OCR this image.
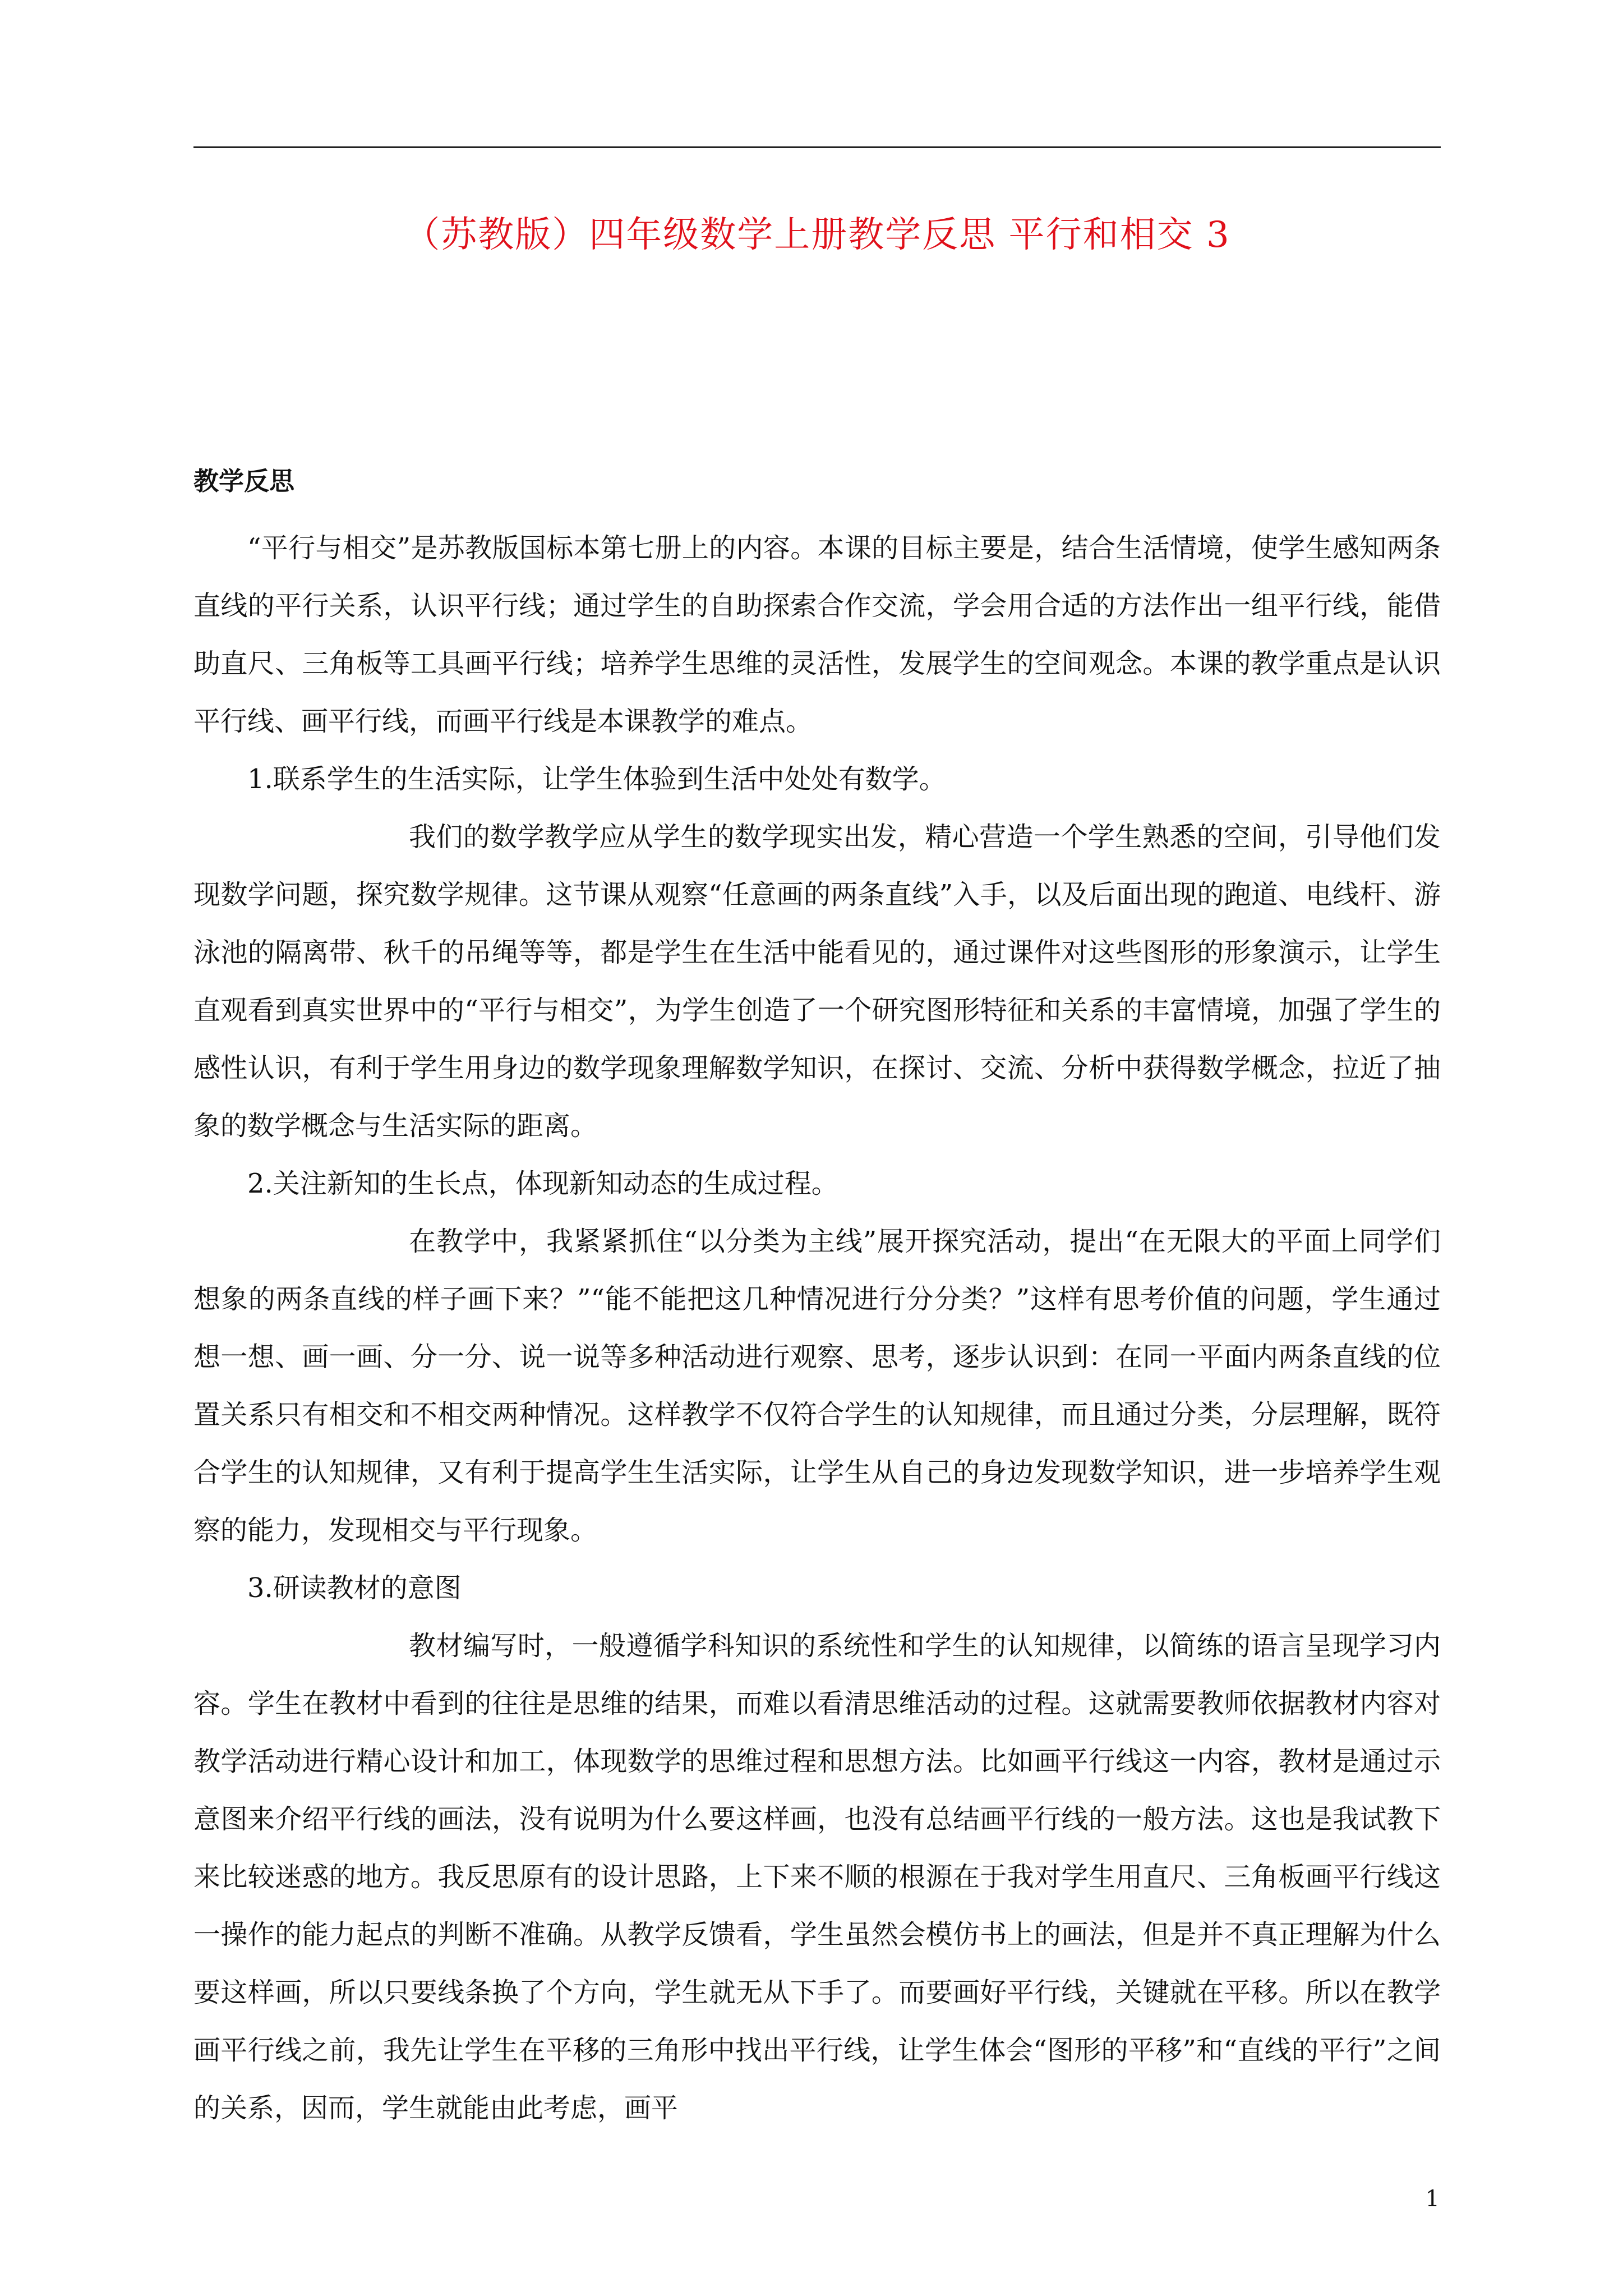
（苏教版）四年级数学上册教学反思 平行和相交 3
教学反思

“平行与相交”是苏教版国标本第七册上的内容。本课的目标主要是，结合生活情境，使学生感知两条直线的平行关系，认识平行线；通过学生的自助探索合作交流，学会用合适的方法作出一组平行线，能借助直尺、三角板等工具画平行线；培养学生思维的灵活性，发展学生的空间观念。本课的教学重点是认识平行线、画平行线，而画平行线是本课教学的难点。

1.联系学生的生活实际，让学生体验到生活中处处有数学。

我们的数学教学应从学生的数学现实出发，精心营造一个学生熟悉的空间，引导他们发现数学问题，探究数学规律。这节课从观察“任意画的两条直线”入手，以及后面出现的跑道、电线杆、游泳池的隔离带、秋千的吊绳等等，都是学生在生活中能看见的，通过课件对这些图形的形象演示，让学生直观看到真实世界中的“平行与相交”，为学生创造了一个研究图形特征和关系的丰富情境，加强了学生的感性认识，有利于学生用身边的数学现象理解数学知识，在探讨、交流、分析中获得数学概念，拉近了抽象的数学概念与生活实际的距离。

2.关注新知的生长点，体现新知动态的生成过程。

在教学中，我紧紧抓住“以分类为主线”展开探究活动，提出“在无限大的平面上同学们想象的两条直线的样子画下来？”“能不能把这几种情况进行分分类？”这样有思考价值的问题，学生通过想一想、画一画、分一分、说一说等多种活动进行观察、思考，逐步认识到：在同一平面内两条直线的位置关系只有相交和不相交两种情况。这样教学不仅符合学生的认知规律，而且通过分类，分层理解，既符合学生的认知规律，又有利于提高学生生活实际，让学生从自己的身边发现数学知识，进一步培养学生观察的能力，发现相交与平行现象。

3.研读教材的意图

教材编写时，一般遵循学科知识的系统性和学生的认知规律，以简练的语言呈现学习内容。学生在教材中看到的往往是思维的结果，而难以看清思维活动的过程。这就需要教师依据教材内容对教学活动进行精心设计和加工，体现数学的思维过程和思想方法。比如画平行线这一内容，教材是通过示意图来介绍平行线的画法，没有说明为什么要这样画，也没有总结画平行线的一般方法。这也是我试教下来比较迷惑的地方。我反思原有的设计思路，上下来不顺的根源在于我对学生用直尺、三角板画平行线这一操作的能力起点的判断不准确。从教学反馈看，学生虽然会模仿书上的画法，但是并不真正理解为什么要这样画，所以只要线条换了个方向，学生就无从下手了。而要画好平行线，关键就在平移。所以在教学画平行线之前，我先让学生在平移的三角形中找出平行线，让学生体会“图形的平移”和“直线的平行”之间的关系，因而，学生就能由此考虑，画平

1
